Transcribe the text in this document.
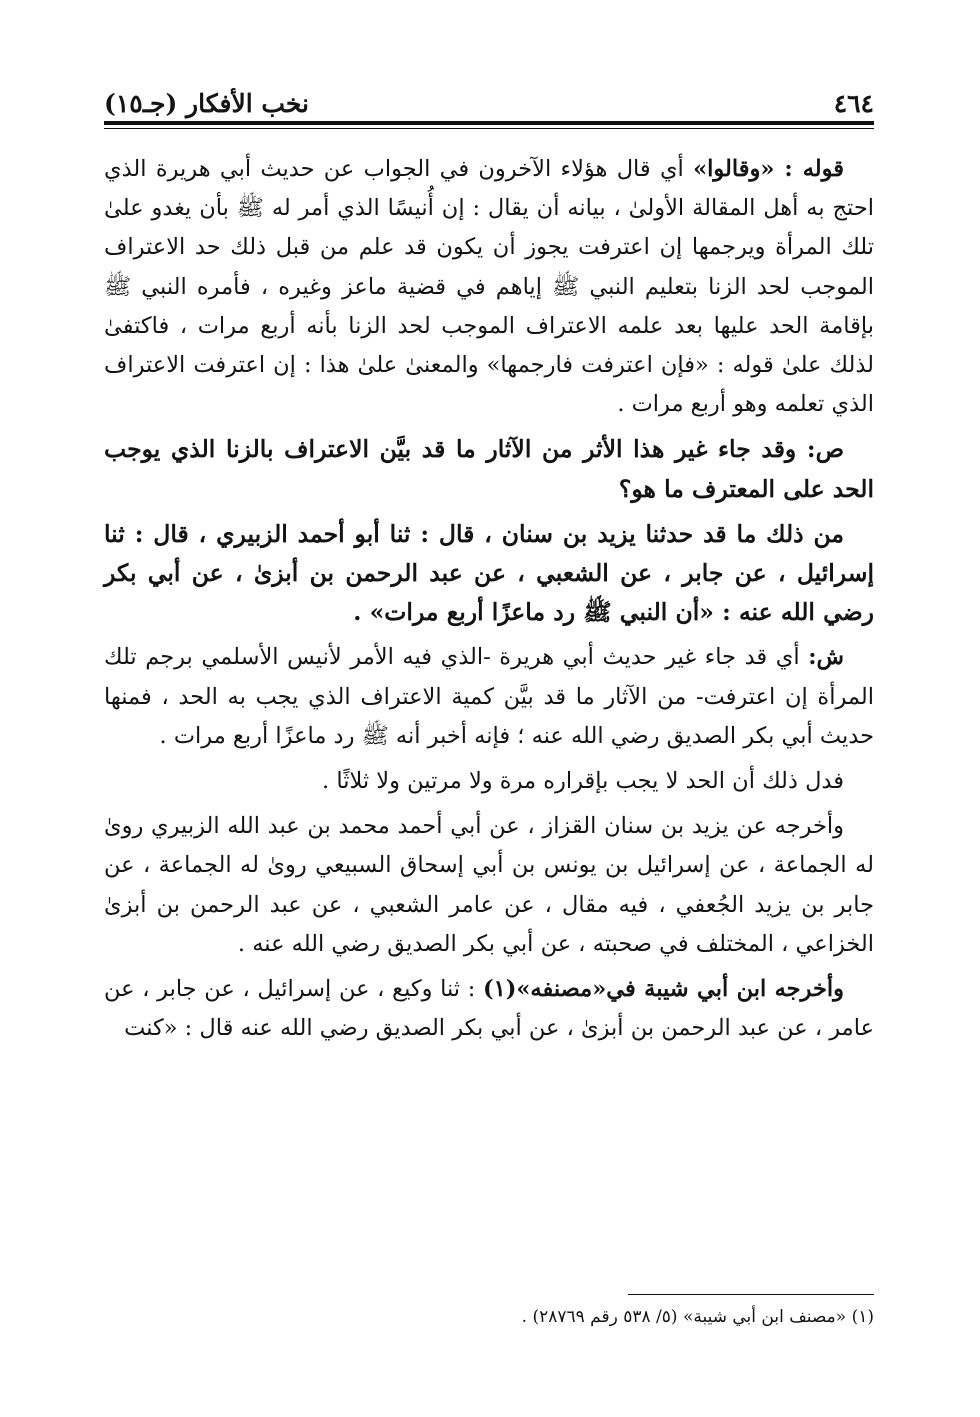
٤٦٤
نخب الأفكار (جـ١٥)

قوله : «وقالوا» أي قال هؤلاء الآخرون في الجواب عن حديث أبي هريرة الذي احتج به أهل المقالة الأولىٰ ، بيانه أن يقال : إن أُنيسًا الذي أمر له ﷺ بأن يغدو علىٰ تلك المرأة ويرجمها إن اعترفت يجوز أن يكون قد علم من قبل ذلك حد الاعتراف الموجب لحد الزنا بتعليم النبي ﷺ إياهم في قضية ماعز وغيره ، فأمره النبي ﷺ بإقامة الحد عليها بعد علمه الاعتراف الموجب لحد الزنا بأنه أربع مرات ، فاكتفىٰ لذلك علىٰ قوله : «فإن اعترفت فارجمها» والمعنىٰ علىٰ هذا : إن اعترفت الاعتراف الذي تعلمه وهو أربع مرات .

ص: وقد جاء غير هذا الأثر من الآثار ما قد بيَّن الاعتراف بالزنا الذي يوجب الحد على المعترف ما هو؟

من ذلك ما قد حدثنا يزيد بن سنان ، قال : ثنا أبو أحمد الزبيري ، قال : ثنا إسرائيل ، عن جابر ، عن الشعبي ، عن عبد الرحمن بن أبزىٰ ، عن أبي بكر رضي الله عنه : «أن النبي ﷺ رد ماعزًا أربع مرات» .

ش: أي قد جاء غير حديث أبي هريرة -الذي فيه الأمر لأنيس الأسلمي برجم تلك المرأة إن اعترفت- من الآثار ما قد بيَّن كمية الاعتراف الذي يجب به الحد ، فمنها حديث أبي بكر الصديق رضي الله عنه ؛ فإنه أخبر أنه ﷺ رد ماعزًا أربع مرات .

فدل ذلك أن الحد لا يجب بإقراره مرة ولا مرتين ولا ثلاثًا .

وأخرجه عن يزيد بن سنان القزاز ، عن أبي أحمد محمد بن عبد الله الزبيري روىٰ له الجماعة ، عن إسرائيل بن يونس بن أبي إسحاق السبيعي روىٰ له الجماعة ، عن جابر بن يزيد الجُعفي ، فيه مقال ، عن عامر الشعبي ، عن عبد الرحمن بن أبزىٰ الخزاعي ، المختلف في صحبته ، عن أبي بكر الصديق رضي الله عنه .

وأخرجه ابن أبي شيبة في«مصنفه»(١) : ثنا وكيع ، عن إسرائيل ، عن جابر ، عن عامر ، عن عبد الرحمن بن أبزىٰ ، عن أبي بكر الصديق رضي الله عنه قال : «كنت

(١) «مصنف ابن أبي شيبة» (٥/ ٥٣٨ رقم ٢٨٧٦٩) .
